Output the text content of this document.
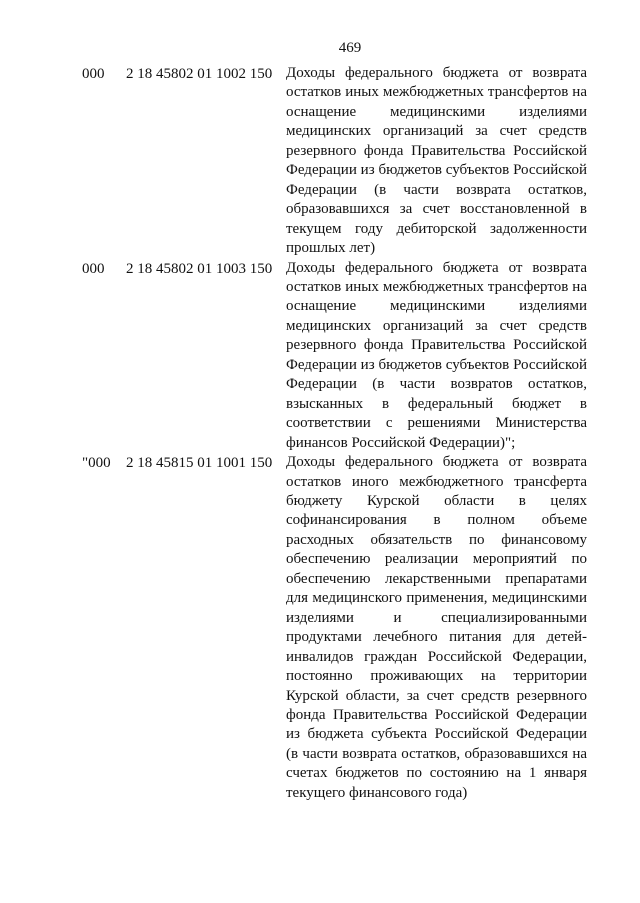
469

000	2 18 45802 01 1002 150 Доходы федерального бюджета от возврата остатков иных межбюджетных трансфертов на оснащение медицинскими изделиями медицинских организаций за счет средств резервного фонда Правительства Российской Федерации из бюджетов субъектов Российской Федерации (в части возврата остатков, образовавшихся за счет восстановленной в текущем году дебиторской задолженности прошлых лет)

000	2 18 45802 01 1003 150 Доходы федерального бюджета от возврата остатков иных межбюджетных трансфертов на оснащение медицинскими изделиями медицинских организаций за счет средств резервного фонда Правительства Российской Федерации из бюджетов субъектов Российской Федерации (в части возвратов остатков, взысканных в федеральный бюджет в соответствии с решениями Министерства финансов Российской Федерации)";

"000	2 18 45815 01 1001 150 Доходы федерального бюджета от возврата остатков иного межбюджетного трансферта бюджету Курской области в целях софинансирования в полном объеме расходных обязательств по финансовому обеспечению реализации мероприятий по обеспечению лекарственными препаратами для медицинского применения, медицинскими изделиями и специализированными продуктами лечебного питания для детей-инвалидов граждан Российской Федерации, постоянно проживающих на территории Курской области, за счет средств резервного фонда Правительства Российской Федерации из бюджета субъекта Российской Федерации (в части возврата остатков, образовавшихся на счетах бюджетов по состоянию на 1 января текущего финансового года)
